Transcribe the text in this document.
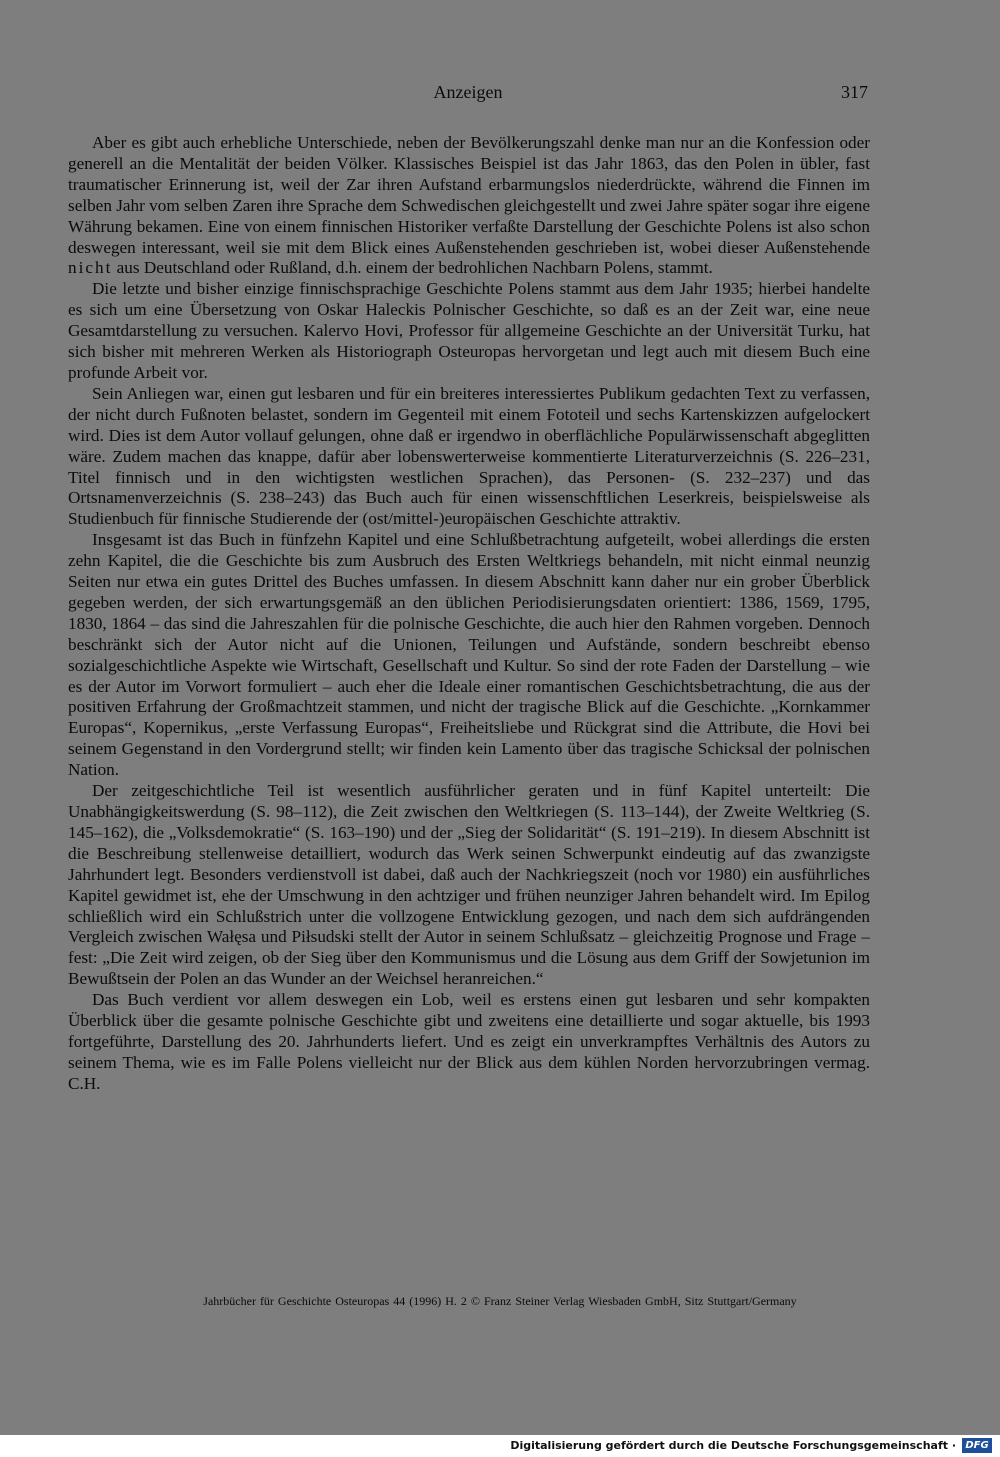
Anzeigen	317

Aber es gibt auch erhebliche Unterschiede, neben der Bevölkerungszahl denke man nur an die Konfession oder generell an die Mentalität der beiden Völker. Klassisches Beispiel ist das Jahr 1863, das den Polen in übler, fast traumatischer Erinnerung ist, weil der Zar ihren Aufstand erbarmungslos niederdrückte, während die Finnen im selben Jahr vom selben Zaren ihre Sprache dem Schwedischen gleichgestellt und zwei Jahre später sogar ihre eigene Währung bekamen. Eine von einem finnischen Historiker verfaßte Darstellung der Geschichte Polens ist also schon deswegen interessant, weil sie mit dem Blick eines Außenstehenden geschrieben ist, wobei dieser Außenstehende nicht aus Deutschland oder Rußland, d.h. einem der bedrohlichen Nachbarn Polens, stammt.

Die letzte und bisher einzige finnischsprachige Geschichte Polens stammt aus dem Jahr 1935; hierbei handelte es sich um eine Übersetzung von Oskar Haleckis Polnischer Geschichte, so daß es an der Zeit war, eine neue Gesamtdarstellung zu versuchen. Kalervo Hovi, Professor für allgemeine Geschichte an der Universität Turku, hat sich bisher mit mehreren Werken als Historiograph Osteuropas hervorgetan und legt auch mit diesem Buch eine profunde Arbeit vor.

Sein Anliegen war, einen gut lesbaren und für ein breiteres interessiertes Publikum gedachten Text zu verfassen, der nicht durch Fußnoten belastet, sondern im Gegenteil mit einem Fototeil und sechs Kartenskizzen aufgelockert wird. Dies ist dem Autor vollauf gelungen, ohne daß er irgendwo in oberflächliche Populärwissenschaft abgeglitten wäre. Zudem machen das knappe, dafür aber lobenswerterweise kommentierte Literaturverzeichnis (S. 226–231, Titel finnisch und in den wichtigsten westlichen Sprachen), das Personen- (S. 232–237) und das Ortsnamenverzeichnis (S. 238–243) das Buch auch für einen wissenschftlichen Leserkreis, beispielsweise als Studienbuch für finnische Studierende der (ost/mittel-)europäischen Geschichte attraktiv.

Insgesamt ist das Buch in fünfzehn Kapitel und eine Schlußbetrachtung aufgeteilt, wobei allerdings die ersten zehn Kapitel, die die Geschichte bis zum Ausbruch des Ersten Weltkriegs behandeln, mit nicht einmal neunzig Seiten nur etwa ein gutes Drittel des Buches umfassen. In diesem Abschnitt kann daher nur ein grober Überblick gegeben werden, der sich erwartungsgemäß an den üblichen Periodisierungsdaten orientiert: 1386, 1569, 1795, 1830, 1864 – das sind die Jahreszahlen für die polnische Geschichte, die auch hier den Rahmen vorgeben. Dennoch beschränkt sich der Autor nicht auf die Unionen, Teilungen und Aufstände, sondern beschreibt ebenso sozialgeschichtliche Aspekte wie Wirtschaft, Gesellschaft und Kultur. So sind der rote Faden der Darstellung – wie es der Autor im Vorwort formuliert – auch eher die Ideale einer romantischen Geschichtsbetrachtung, die aus der positiven Erfahrung der Großmachtzeit stammen, und nicht der tragische Blick auf die Geschichte. „Kornkammer Europas“, Kopernikus, „erste Verfassung Europas“, Freiheitsliebe und Rückgrat sind die Attribute, die Hovi bei seinem Gegenstand in den Vordergrund stellt; wir finden kein Lamento über das tragische Schicksal der polnischen Nation.

Der zeitgeschichtliche Teil ist wesentlich ausführlicher geraten und in fünf Kapitel unterteilt: Die Unabhängigkeitswerdung (S. 98–112), die Zeit zwischen den Weltkriegen (S. 113–144), der Zweite Weltkrieg (S. 145–162), die „Volksdemokratie“ (S. 163–190) und der „Sieg der Solidarität“ (S. 191–219). In diesem Abschnitt ist die Beschreibung stellenweise detailliert, wodurch das Werk seinen Schwerpunkt eindeutig auf das zwanzigste Jahrhundert legt. Besonders verdienstvoll ist dabei, daß auch der Nachkriegszeit (noch vor 1980) ein ausführliches Kapitel gewidmet ist, ehe der Umschwung in den achtziger und frühen neunziger Jahren behandelt wird. Im Epilog schließlich wird ein Schlußstrich unter die vollzogene Entwicklung gezogen, und nach dem sich aufdrängenden Vergleich zwischen Wałęsa und Piłsudski stellt der Autor in seinem Schlußsatz – gleichzeitig Prognose und Frage – fest: „Die Zeit wird zeigen, ob der Sieg über den Kommunismus und die Lösung aus dem Griff der Sowjetunion im Bewußtsein der Polen an das Wunder an der Weichsel heranreichen.“

Das Buch verdient vor allem deswegen ein Lob, weil es erstens einen gut lesbaren und sehr kompakten Überblick über die gesamte polnische Geschichte gibt und zweitens eine detaillierte und sogar aktuelle, bis 1993 fortgeführte, Darstellung des 20. Jahrhunderts liefert. Und es zeigt ein unverkrampftes Verhältnis des Autors zu seinem Thema, wie es im Falle Polens vielleicht nur der Blick aus dem kühlen Norden hervorzubringen vermag. C.H.

Jahrbücher für Geschichte Osteuropas 44 (1996) H. 2 © Franz Steiner Verlag Wiesbaden GmbH, Sitz Stuttgart/Germany
Digitalisierung gefördert durch die Deutsche Forschungsgemeinschaft · DFG
